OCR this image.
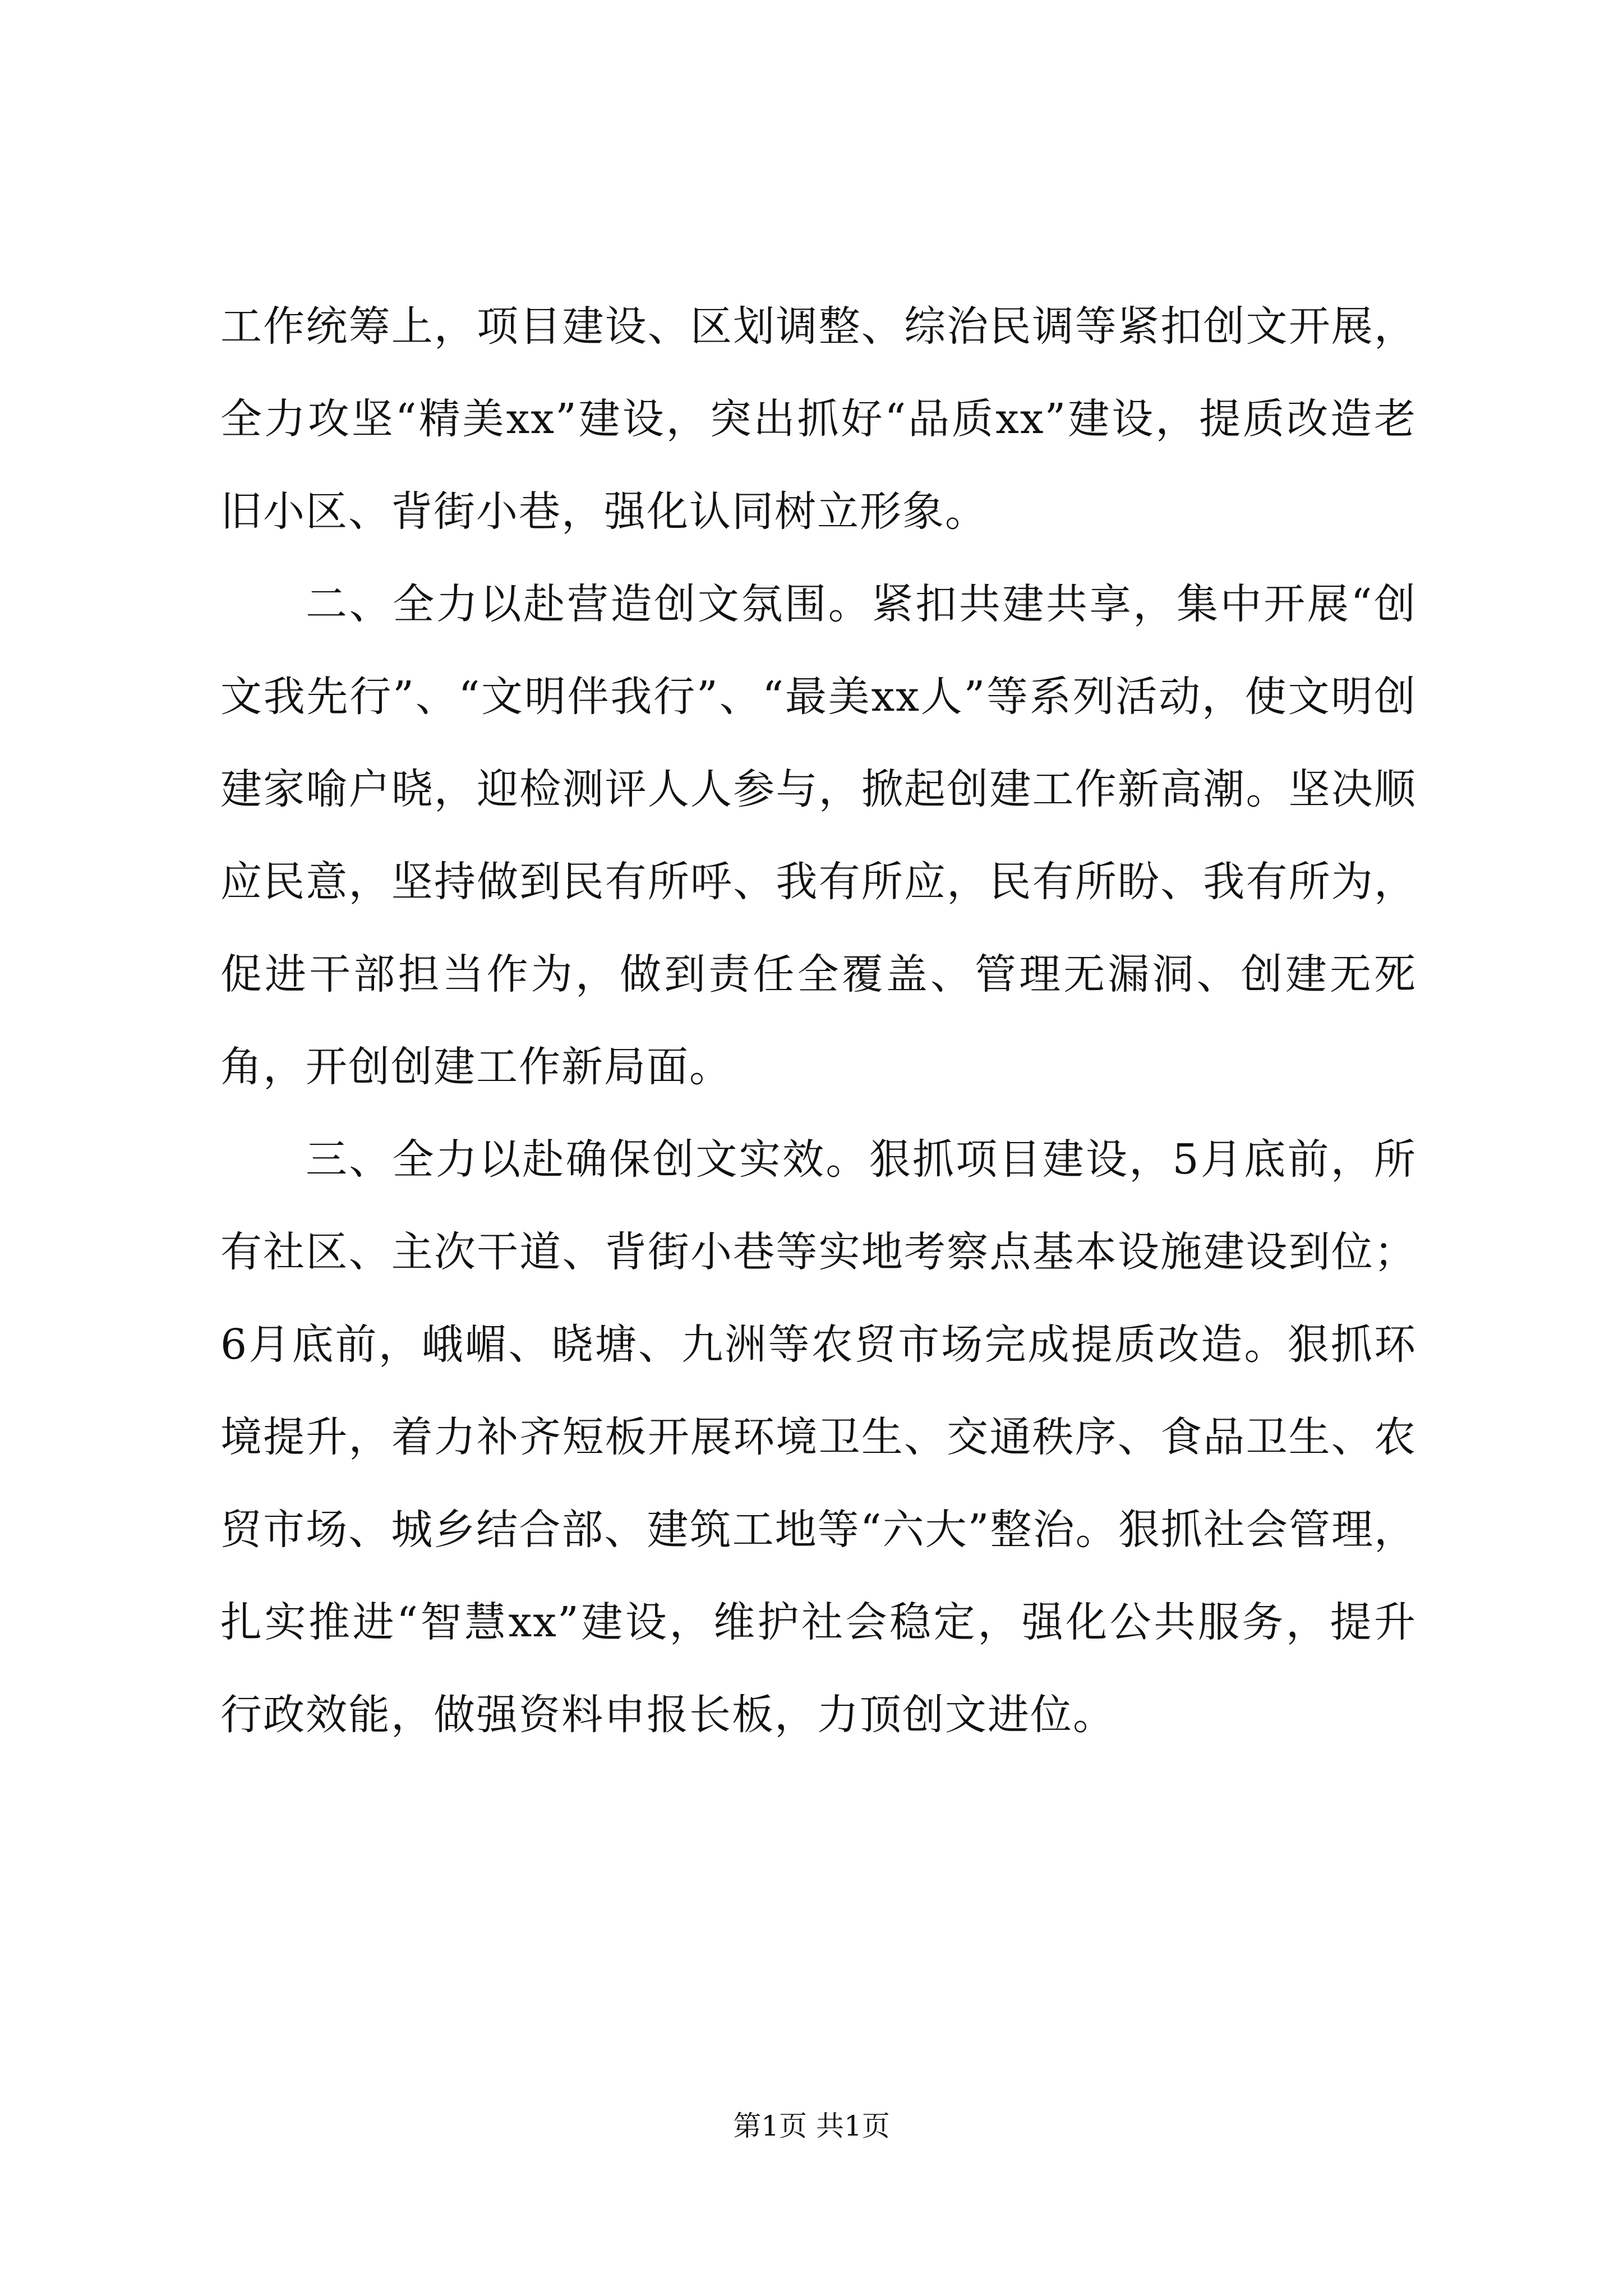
工作统筹上，项目建设、区划调整、综治民调等紧扣创文开展，全力攻坚“精美xx”建设，突出抓好“品质xx”建设，提质改造老旧小区、背街小巷，强化认同树立形象。

二、全力以赴营造创文氛围。紧扣共建共享，集中开展“创文我先行”、“文明伴我行”、“最美xx人”等系列活动，使文明创建家喻户晓，迎检测评人人参与，掀起创建工作新高潮。坚决顺应民意，坚持做到民有所呼、我有所应，民有所盼、我有所为，促进干部担当作为，做到责任全覆盖、管理无漏洞、创建无死角，开创创建工作新局面。

三、全力以赴确保创文实效。狠抓项目建设，5月底前，所有社区、主次干道、背街小巷等实地考察点基本设施建设到位；6月底前，峨嵋、晓塘、九洲等农贸市场完成提质改造。狠抓环境提升，着力补齐短板开展环境卫生、交通秩序、食品卫生、农贸市场、城乡结合部、建筑工地等“六大”整治。狠抓社会管理，扎实推进“智慧xx”建设，维护社会稳定，强化公共服务，提升行政效能，做强资料申报长板，力顶创文进位。

第1页 共1页
